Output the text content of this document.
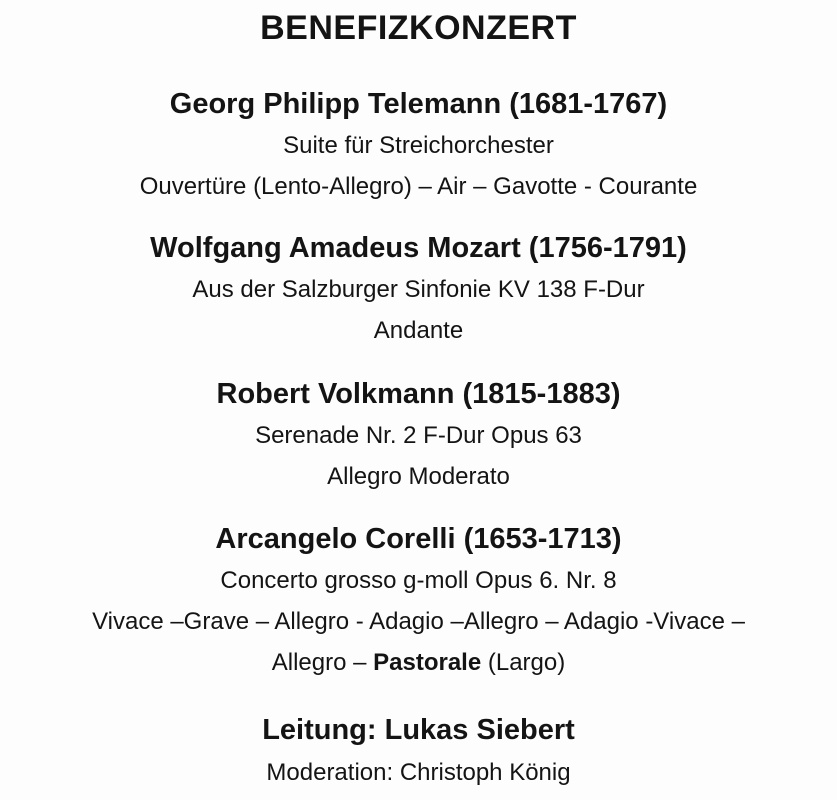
BENEFIZKONZERT
Georg Philipp Telemann (1681-1767)
Suite für Streichorchester
Ouvertüre (Lento-Allegro) – Air – Gavotte - Courante
Wolfgang Amadeus Mozart (1756-1791)
Aus der Salzburger Sinfonie KV 138 F-Dur
Andante
Robert Volkmann (1815-1883)
Serenade Nr. 2 F-Dur Opus 63
Allegro Moderato
Arcangelo Corelli (1653-1713)
Concerto grosso g-moll Opus 6. Nr. 8
Vivace –Grave – Allegro - Adagio –Allegro – Adagio -Vivace –
Allegro – Pastorale (Largo)
Leitung: Lukas Siebert
Moderation: Christoph König
